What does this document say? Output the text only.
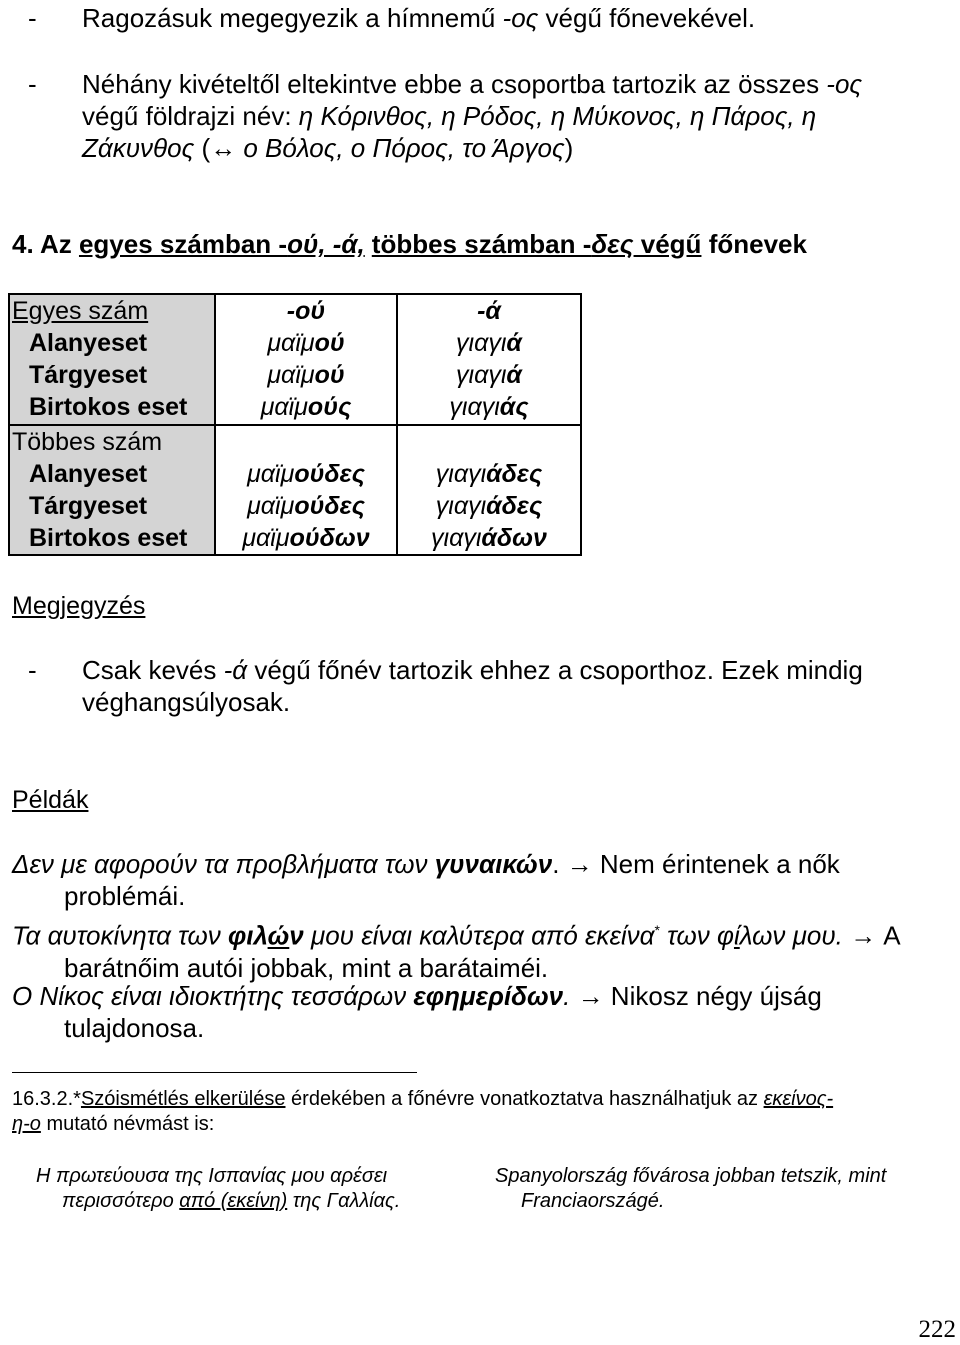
- Ragozásuk megegyezik a hímnemű -ος végű főnevekével.
- Néhány kivételtől eltekintve ebbe a csoportba tartozik az összes -ος
végű földrajzi név: η Κόρινθος, η Ρόδος, η Μύκονος, η Πάρος, η
Ζάκυνθος (↔ ο Βόλος, ο Πόρος, το Άργος)
4. Az egyes számban -ού, -ά, többes számban -δες végű főnevek
Egyes szám
Alanyeset
Tárgyeset
Birtokos eset
-ού
μαϊμού
μαϊμού
μαϊμούς
-ά
γιαγιά
γιαγιά
γιαγιάς
Többes szám
Alanyeset
Tárgyeset
Birtokos eset
μαϊμούδες
μαϊμούδες
μαϊμούδων
γιαγιάδες
γιαγιάδες
γιαγιάδων
Megjegyzés
- Csak kevés -ά végű főnév tartozik ehhez a csoporthoz. Ezek mindig
véghangsúlyosak.
Példák
Δεν με αφορούν τα προβλήματα των γυναικών. → Nem érintenek a nők
problémái.
Τα αυτοκίνητα των φιλών μου είναι καλύτερα από εκείνα* των φίλων μου. → A
barátnőim autói jobbak, mint a barátaiméi.
Ο Νίκος είναι ιδιοκτήτης τεσσάρων εφημερίδων. → Nikosz négy újság
tulajdonosa.
16.3.2.*Szóismétlés elkerülése érdekében a főnévre vonatkoztatva használhatjuk az εκείνος-
η-ο mutató névmást is:
Η πρωτεύουσα της Ισπανίας μου αρέσει
περισσότερο από (εκείνη) της Γαλλίας.
Spanyolország fővárosa jobban tetszik, mint
Franciaországé.
222
